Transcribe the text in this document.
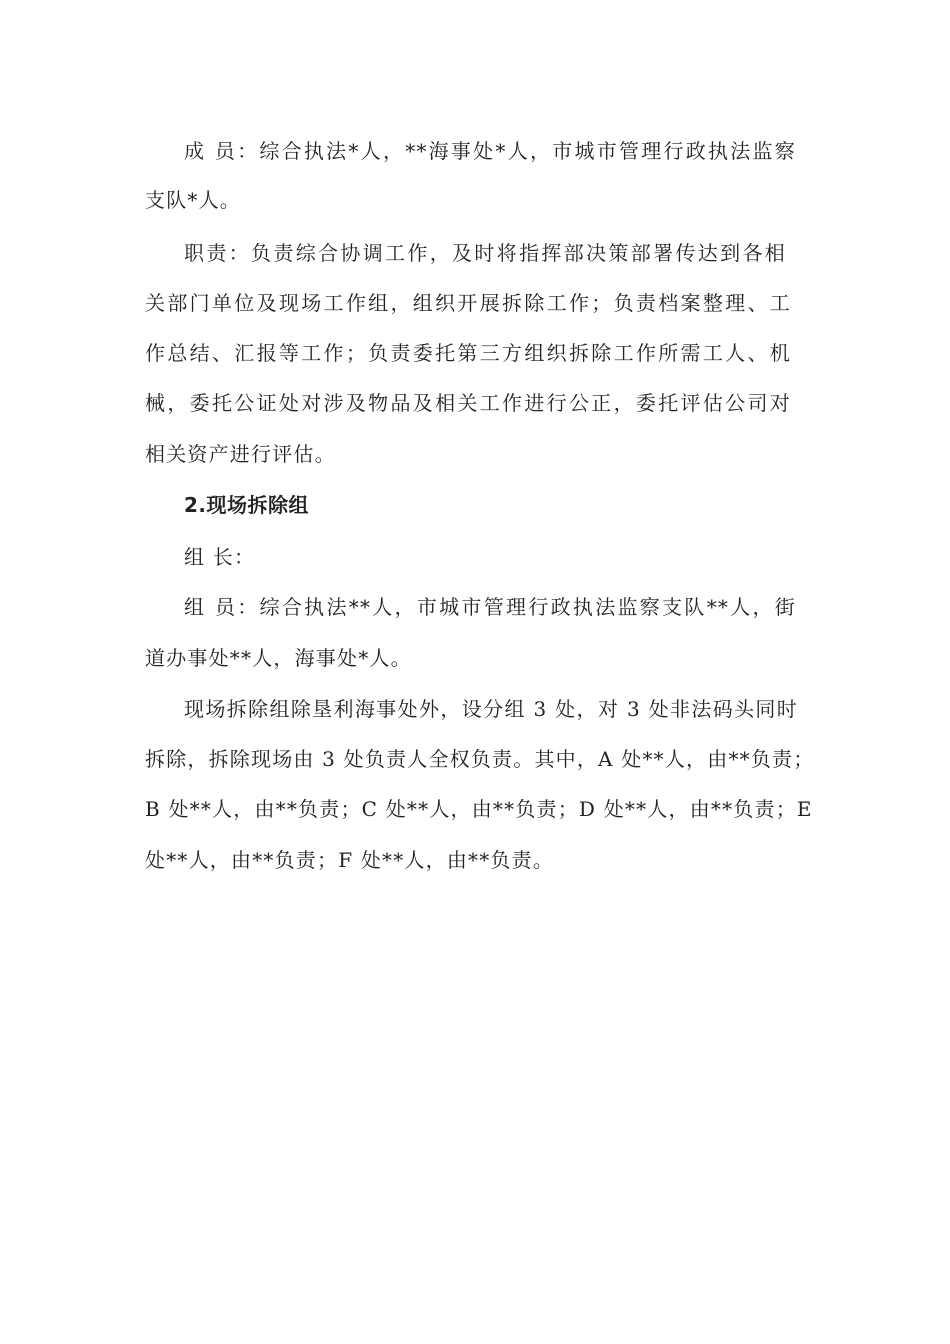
成 员：综合执法*人，**海事处*人，市城市管理行政执法监察
支队*人。
职责：负责综合协调工作，及时将指挥部决策部署传达到各相
关部门单位及现场工作组，组织开展拆除工作；负责档案整理、工
作总结、汇报等工作；负责委托第三方组织拆除工作所需工人、机
械，委托公证处对涉及物品及相关工作进行公正，委托评估公司对
相关资产进行评估。
2.现场拆除组
组 长：
组 员：综合执法**人，市城市管理行政执法监察支队**人，街
道办事处**人，海事处*人。
现场拆除组除垦利海事处外，设分组 3 处，对 3 处非法码头同时
拆除，拆除现场由 3 处负责人全权负责。其中，A 处**人，由**负责；
B 处**人，由**负责；C 处**人，由**负责；D 处**人，由**负责；E
处**人，由**负责；F 处**人，由**负责。
